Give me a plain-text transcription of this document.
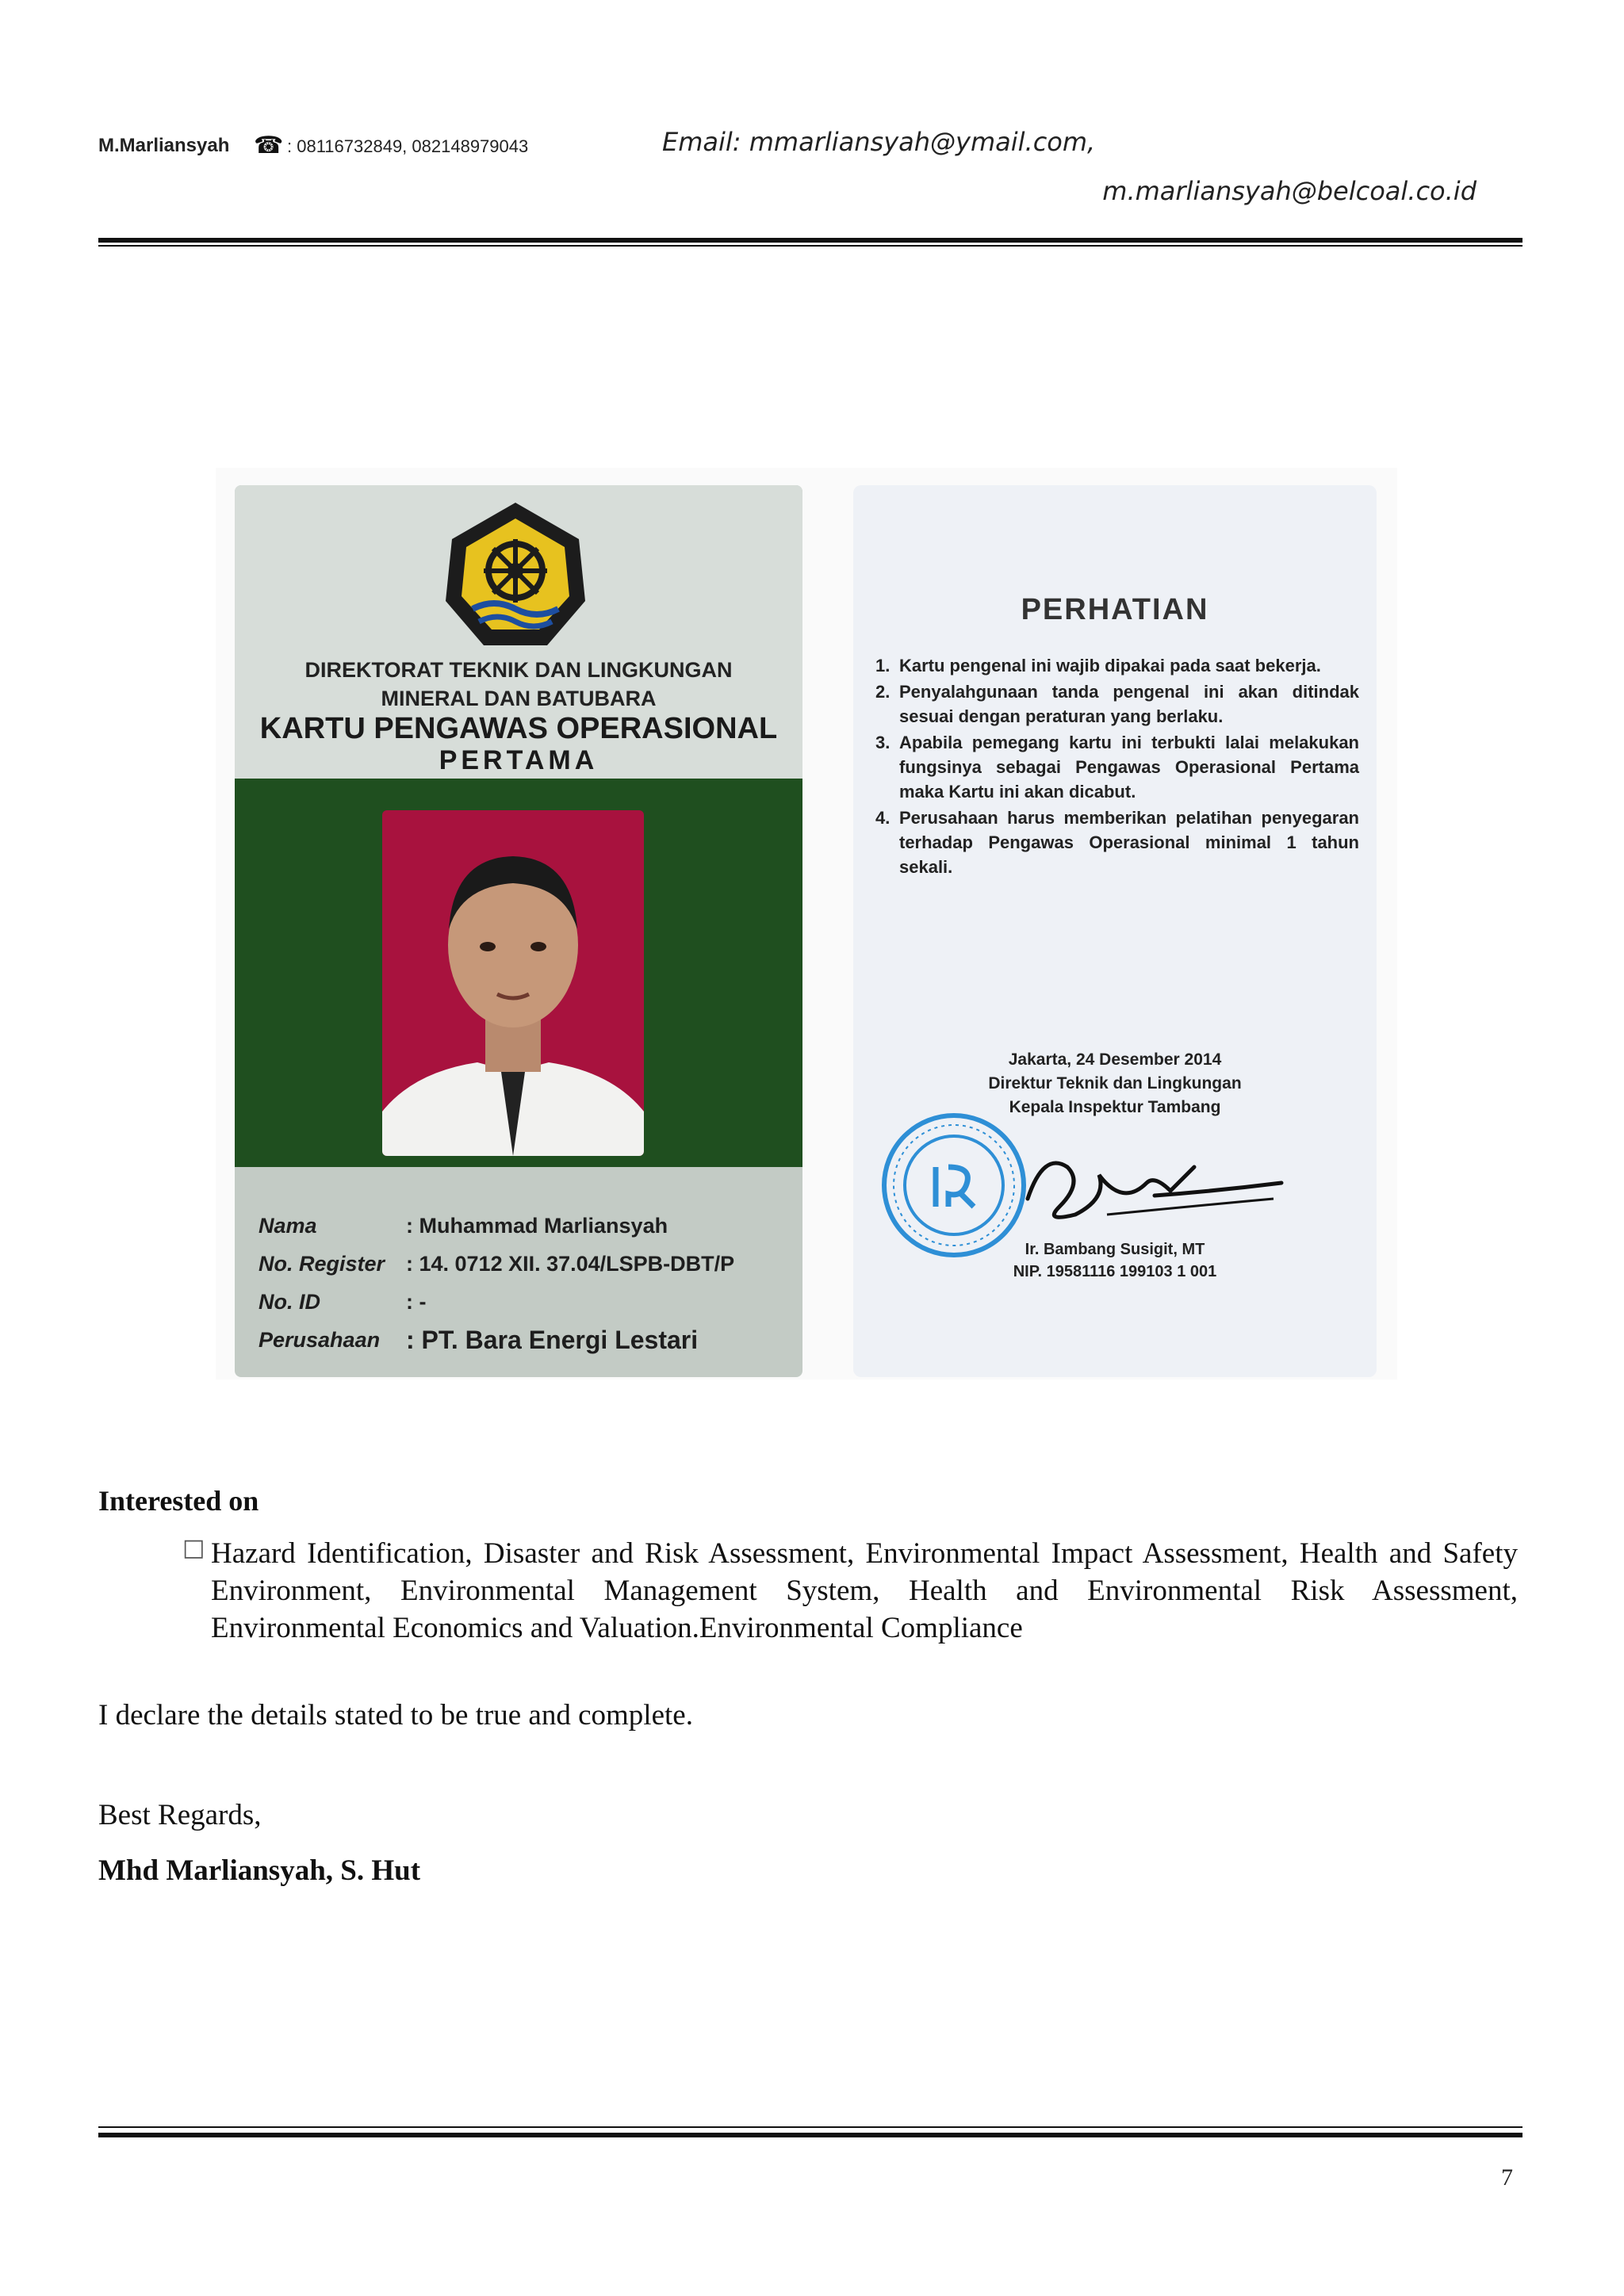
M.Marliansyah ☎ : 08116732849, 082148979043	Email: mmarliansyah@ymail.com,
m.marliansyah@belcoal.co.id
DIREKTORAT TEKNIK DAN LINGKUNGAN
MINERAL DAN BATUBARA
KARTU PENGAWAS OPERASIONAL
PERTAMA
Nama	: Muhammad Marliansyah
No. Register : 14. 0712 XII. 37.04/LSPB-DBT/P
No. ID	: -
Perusahaan	: PT. Bara Energi Lestari
PERHATIAN
1. Kartu pengenal ini wajib dipakai pada saat bekerja.
2. Penyalahgunaan tanda pengenal ini akan ditindak sesuai dengan peraturan yang berlaku.
3. Apabila pemegang kartu ini terbukti lalai melakukan fungsinya sebagai Pengawas Operasional Pertama maka Kartu ini akan dicabut.
4. Perusahaan harus memberikan pelatihan penyegaran terhadap Pengawas Operasional minimal 1 tahun sekali.
Jakarta, 24 Desember 2014
Direktur Teknik dan Lingkungan
Kepala Inspektur Tambang
Ir. Bambang Susigit, MT
NIP. 19581116 199103 1 001
Interested on
□ Hazard Identification, Disaster and Risk Assessment, Environmental Impact Assessment, Health and Safety Environment, Environmental Management System, Health and Environmental Risk Assessment, Environmental Economics and Valuation.Environmental Compliance
I declare the details stated to be true and complete.
Best Regards,
Mhd Marliansyah, S. Hut
7
